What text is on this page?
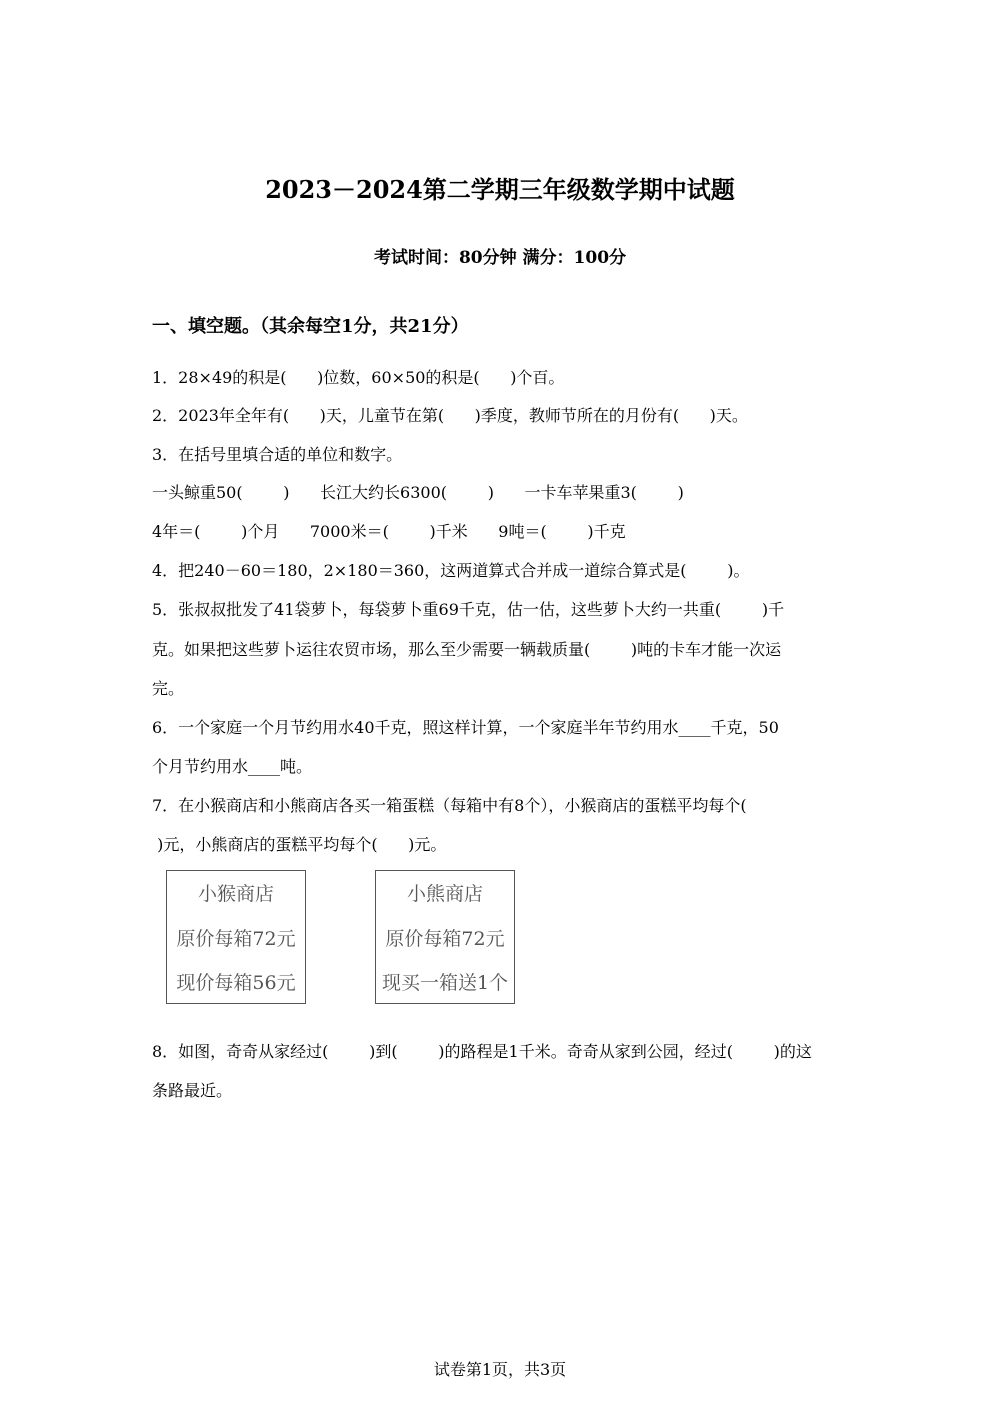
2023－2024第二学期三年级数学期中试题
考试时间：80分钟 满分：100分
一、填空题。（其余每空1分，共21分）
1．28×49的积是(      )位数，60×50的积是(      )个百。
2．2023年全年有(      )天，儿童节在第(      )季度，教师节所在的月份有(      )天。
3．在括号里填合适的单位和数字。
一头鲸重50(        )      长江大约长6300(        )      一卡车苹果重3(        )
4年＝(        )个月      7000米＝(        )千米      9吨＝(        )千克
4．把240－60＝180，2×180＝360，这两道算式合并成一道综合算式是(        )。
5．张叔叔批发了41袋萝卜，每袋萝卜重69千克，估一估，这些萝卜大约一共重(        )千
克。如果把这些萝卜运往农贸市场，那么至少需要一辆载质量(        )吨的卡车才能一次运
完。
6．一个家庭一个月节约用水40千克，照这样计算，一个家庭半年节约用水____千克，50
个月节约用水____吨。
7．在小猴商店和小熊商店各买一箱蛋糕（每箱中有8个），小猴商店的蛋糕平均每个(
)元，小熊商店的蛋糕平均每个(      )元。
小猴商店
原价每箱72元
现价每箱56元
小熊商店
原价每箱72元
现买一箱送1个
8．如图，奇奇从家经过(        )到(        )的路程是1千米。奇奇从家到公园，经过(        )的这
条路最近。
试卷第1页，共3页
